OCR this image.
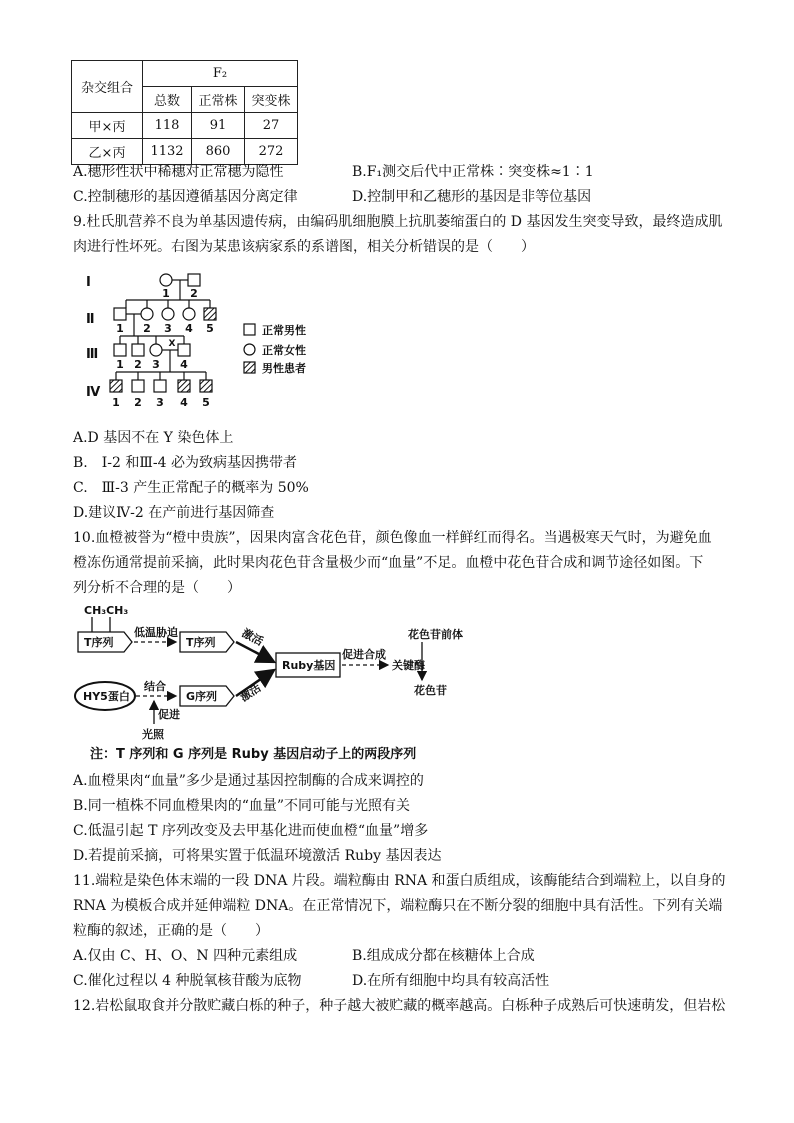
杂交组合	F₂		
	总数	正常株	突变株
甲×丙	118	91	27
乙×丙	1132	860	272
A.穗形性状中稀穗对正常穗为隐性	B.F₁测交后代中正常株∶突变株≈1∶1
C.控制穗形的基因遵循基因分离定律	D.控制甲和乙穗形的基因是非等位基因
9.杜氏肌营养不良为单基因遗传病，由编码肌细胞膜上抗肌萎缩蛋白的 D 基因发生突变导致，最终造成肌
肉进行性坏死。右图为某患该病家系的系谱图，相关分析错误的是（　　）
Ⅰ
Ⅱ
Ⅲ
Ⅳ
1 2
1 2 3 4 5
1 2 3 4
1 2 3 4 5
X
正常男性
正常女性
男性患者
A.D 基因不在 Y 染色体上
B.　Ⅰ-2 和Ⅲ-4 必为致病基因携带者
C.　Ⅲ-3 产生正常配子的概率为 50%
D.建议Ⅳ-2 在产前进行基因筛查
10.血橙被誉为“橙中贵族”，因果肉富含花色苷，颜色像血一样鲜红而得名。当遇极寒天气时，为避免血
橙冻伤通常提前采摘，此时果肉花色苷含量极少而“血量”不足。血橙中花色苷合成和调节途径如图。下
列分析不合理的是（　　）
CH₃CH₃
T序列
低温胁迫
T序列 激活
HY5蛋白
结合
G序列
促进
光照
激活
Ruby基因
促进合成
关键酶
花色苷前体
花色苷
注：T 序列和 G 序列是 Ruby 基因启动子上的两段序列
A.血橙果肉“血量”多少是通过基因控制酶的合成来调控的
B.同一植株不同血橙果肉的“血量”不同可能与光照有关
C.低温引起 T 序列改变及去甲基化进而使血橙“血量”增多
D.若提前采摘，可将果实置于低温环境激活 Ruby 基因表达
11.端粒是染色体末端的一段 DNA 片段。端粒酶由 RNA 和蛋白质组成，该酶能结合到端粒上，以自身的
RNA 为模板合成并延伸端粒 DNA。在正常情况下，端粒酶只在不断分裂的细胞中具有活性。下列有关端
粒酶的叙述，正确的是（　　）
A.仅由 C、H、O、N 四种元素组成	B.组成成分都在核糖体上合成
C.催化过程以 4 种脱氧核苷酸为底物	D.在所有细胞中均具有较高活性
12.岩松鼠取食并分散贮藏白栎的种子，种子越大被贮藏的概率越高。白栎种子成熟后可快速萌发，但岩松
